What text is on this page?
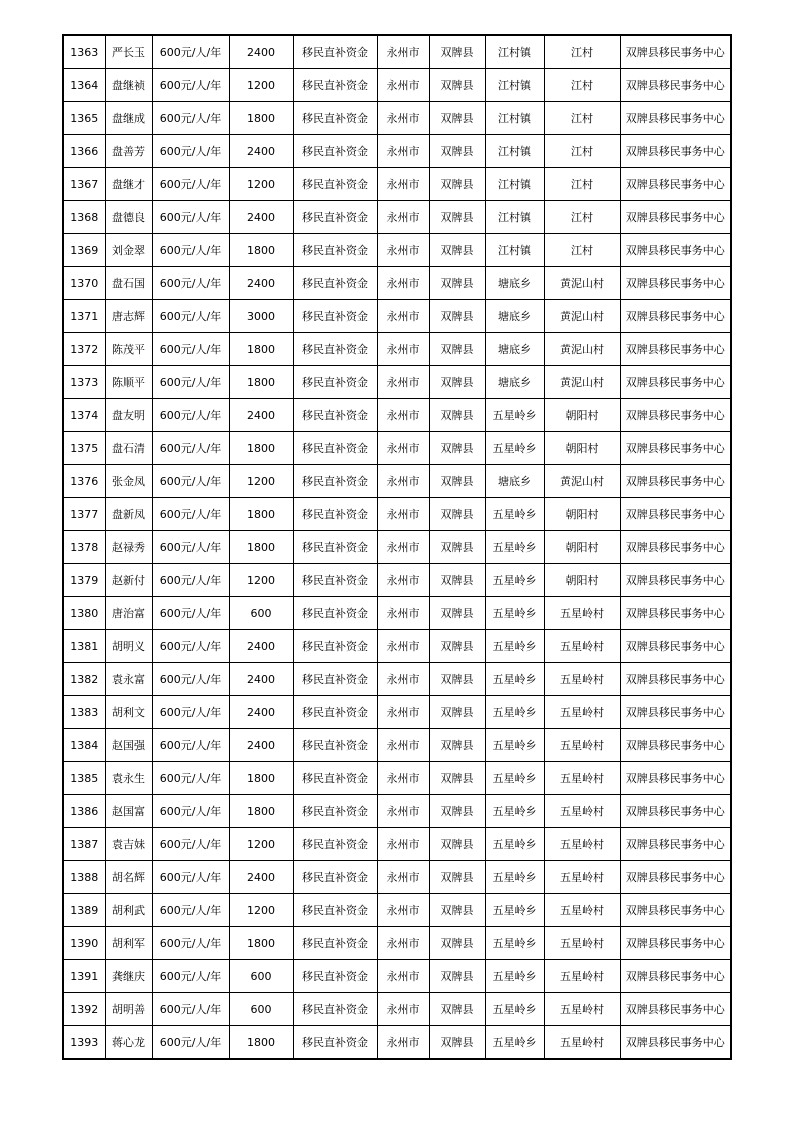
1363	严长玉	600元/人/年	2400	移民直补资金	永州市	双牌县	江村镇	江村	双牌县移民事务中心
1364	盘继祯	600元/人/年	1200	移民直补资金	永州市	双牌县	江村镇	江村	双牌县移民事务中心
1365	盘继成	600元/人/年	1800	移民直补资金	永州市	双牌县	江村镇	江村	双牌县移民事务中心
1366	盘善芳	600元/人/年	2400	移民直补资金	永州市	双牌县	江村镇	江村	双牌县移民事务中心
1367	盘继才	600元/人/年	1200	移民直补资金	永州市	双牌县	江村镇	江村	双牌县移民事务中心
1368	盘德良	600元/人/年	2400	移民直补资金	永州市	双牌县	江村镇	江村	双牌县移民事务中心
1369	刘金翠	600元/人/年	1800	移民直补资金	永州市	双牌县	江村镇	江村	双牌县移民事务中心
1370	盘石国	600元/人/年	2400	移民直补资金	永州市	双牌县	塘底乡	黄泥山村	双牌县移民事务中心
1371	唐志辉	600元/人/年	3000	移民直补资金	永州市	双牌县	塘底乡	黄泥山村	双牌县移民事务中心
1372	陈茂平	600元/人/年	1800	移民直补资金	永州市	双牌县	塘底乡	黄泥山村	双牌县移民事务中心
1373	陈顺平	600元/人/年	1800	移民直补资金	永州市	双牌县	塘底乡	黄泥山村	双牌县移民事务中心
1374	盘友明	600元/人/年	2400	移民直补资金	永州市	双牌县	五星岭乡	朝阳村	双牌县移民事务中心
1375	盘石清	600元/人/年	1800	移民直补资金	永州市	双牌县	五星岭乡	朝阳村	双牌县移民事务中心
1376	张金凤	600元/人/年	1200	移民直补资金	永州市	双牌县	塘底乡	黄泥山村	双牌县移民事务中心
1377	盘新凤	600元/人/年	1800	移民直补资金	永州市	双牌县	五星岭乡	朝阳村	双牌县移民事务中心
1378	赵禄秀	600元/人/年	1800	移民直补资金	永州市	双牌县	五星岭乡	朝阳村	双牌县移民事务中心
1379	赵新付	600元/人/年	1200	移民直补资金	永州市	双牌县	五星岭乡	朝阳村	双牌县移民事务中心
1380	唐治富	600元/人/年	600	移民直补资金	永州市	双牌县	五星岭乡	五星岭村	双牌县移民事务中心
1381	胡明义	600元/人/年	2400	移民直补资金	永州市	双牌县	五星岭乡	五星岭村	双牌县移民事务中心
1382	袁永富	600元/人/年	2400	移民直补资金	永州市	双牌县	五星岭乡	五星岭村	双牌县移民事务中心
1383	胡利文	600元/人/年	2400	移民直补资金	永州市	双牌县	五星岭乡	五星岭村	双牌县移民事务中心
1384	赵国强	600元/人/年	2400	移民直补资金	永州市	双牌县	五星岭乡	五星岭村	双牌县移民事务中心
1385	袁永生	600元/人/年	1800	移民直补资金	永州市	双牌县	五星岭乡	五星岭村	双牌县移民事务中心
1386	赵国富	600元/人/年	1800	移民直补资金	永州市	双牌县	五星岭乡	五星岭村	双牌县移民事务中心
1387	袁吉妹	600元/人/年	1200	移民直补资金	永州市	双牌县	五星岭乡	五星岭村	双牌县移民事务中心
1388	胡名辉	600元/人/年	2400	移民直补资金	永州市	双牌县	五星岭乡	五星岭村	双牌县移民事务中心
1389	胡利武	600元/人/年	1200	移民直补资金	永州市	双牌县	五星岭乡	五星岭村	双牌县移民事务中心
1390	胡利军	600元/人/年	1800	移民直补资金	永州市	双牌县	五星岭乡	五星岭村	双牌县移民事务中心
1391	龚继庆	600元/人/年	600	移民直补资金	永州市	双牌县	五星岭乡	五星岭村	双牌县移民事务中心
1392	胡明善	600元/人/年	600	移民直补资金	永州市	双牌县	五星岭乡	五星岭村	双牌县移民事务中心
1393	蒋心龙	600元/人/年	1800	移民直补资金	永州市	双牌县	五星岭乡	五星岭村	双牌县移民事务中心
